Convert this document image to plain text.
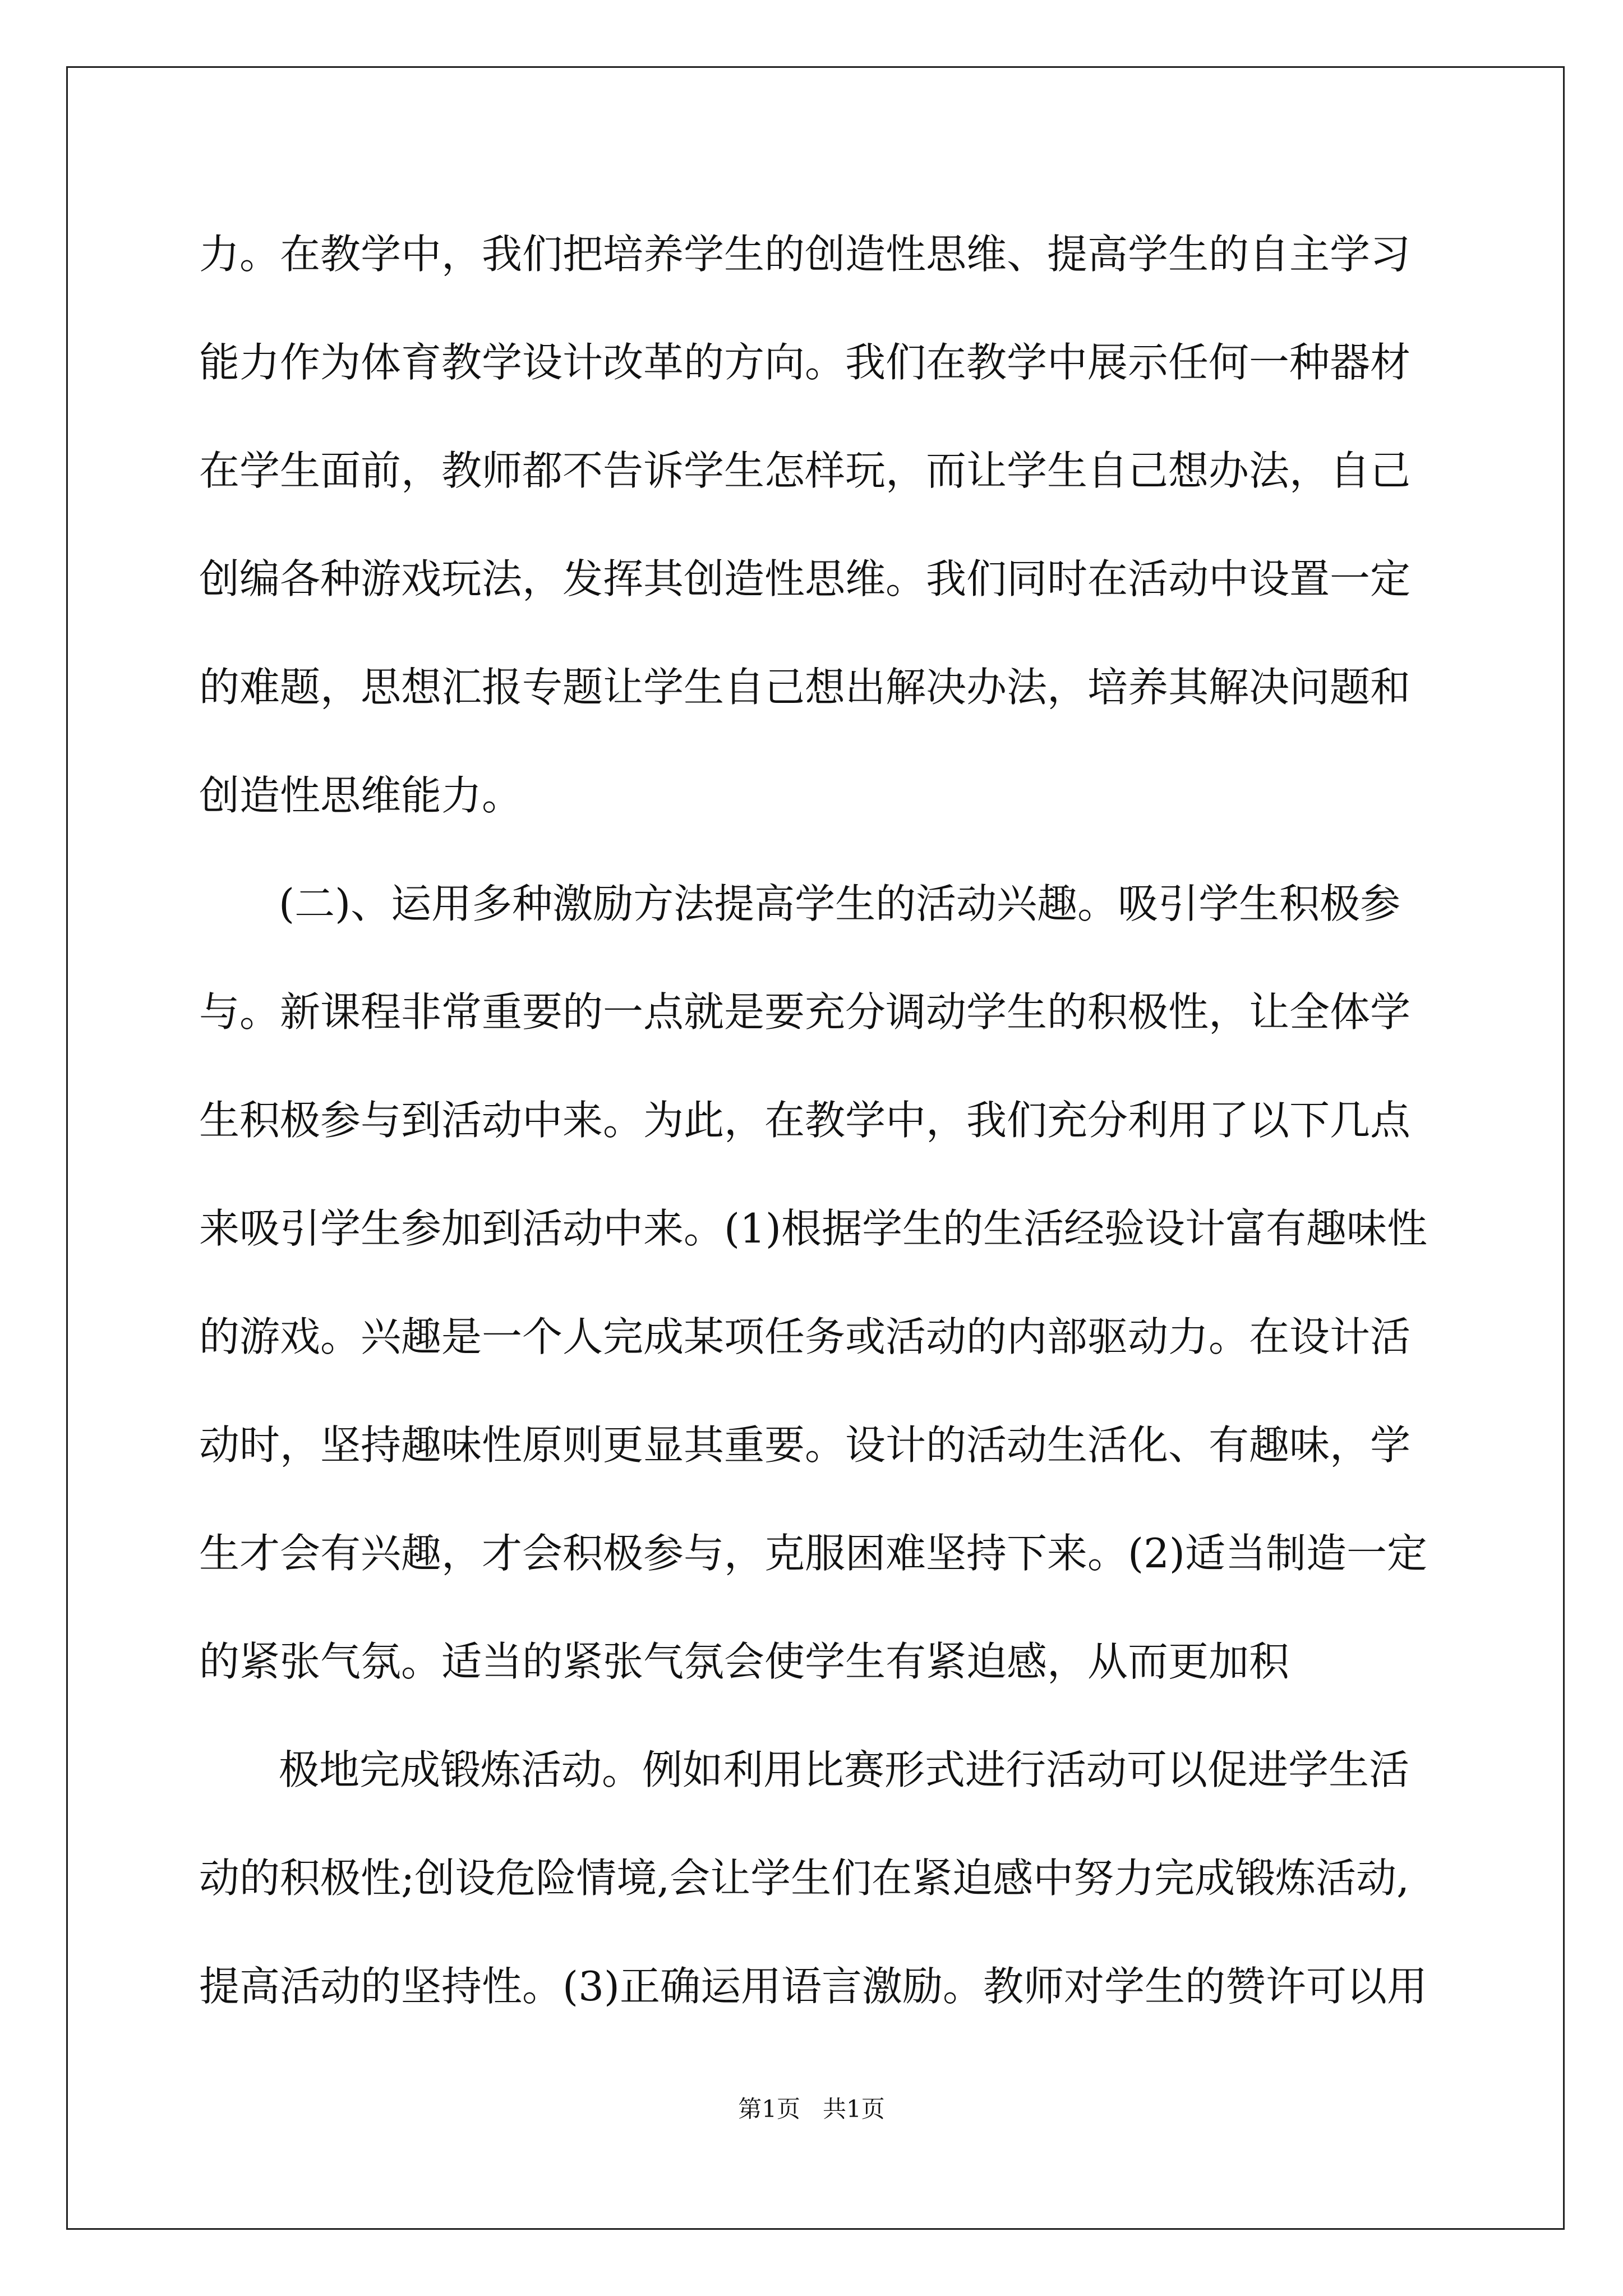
力。在教学中，我们把培养学生的创造性思维、提高学生的自主学习

能力作为体育教学设计改革的方向。我们在教学中展示任何一种器材

在学生面前，教师都不告诉学生怎样玩，而让学生自己想办法，自己

创编各种游戏玩法，发挥其创造性思维。我们同时在活动中设置一定

的难题，思想汇报专题让学生自己想出解决办法，培养其解决问题和

创造性思维能力。

(二)、运用多种激励方法提高学生的活动兴趣。吸引学生积极参

与。新课程非常重要的一点就是要充分调动学生的积极性，让全体学

生积极参与到活动中来。为此，在教学中，我们充分利用了以下几点

来吸引学生参加到活动中来。(1)根据学生的生活经验设计富有趣味性

的游戏。兴趣是一个人完成某项任务或活动的内部驱动力。在设计活

动时，坚持趣味性原则更显其重要。设计的活动生活化、有趣味，学

生才会有兴趣，才会积极参与，克服困难坚持下来。(2)适当制造一定

的紧张气氛。适当的紧张气氛会使学生有紧迫感，从而更加积

极地完成锻炼活动。例如利用比赛形式进行活动可以促进学生活

动的积极性;创设危险情境,会让学生们在紧迫感中努力完成锻炼活动,

提高活动的坚持性。(3)正确运用语言激励。教师对学生的赞许可以用

第1页   共1页
